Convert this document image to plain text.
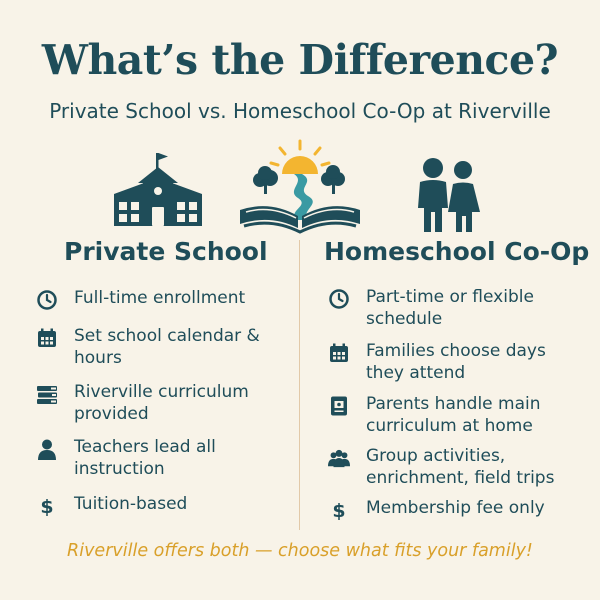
What’s the Difference?
Private School vs. Homeschool Co-Op at Riverville
Private School Homeschool Co-Op
Full-time enrollment
Set school calendar & hours
Riverville curriculum provided
Teachers lead all instruction
$ Tuition-based
Part-time or flexible schedule
Families choose days they attend
Parents handle main curriculum at home
Group activities, enrichment, field trips
$ Membership fee only
Riverville offers both — choose what fits your family!
